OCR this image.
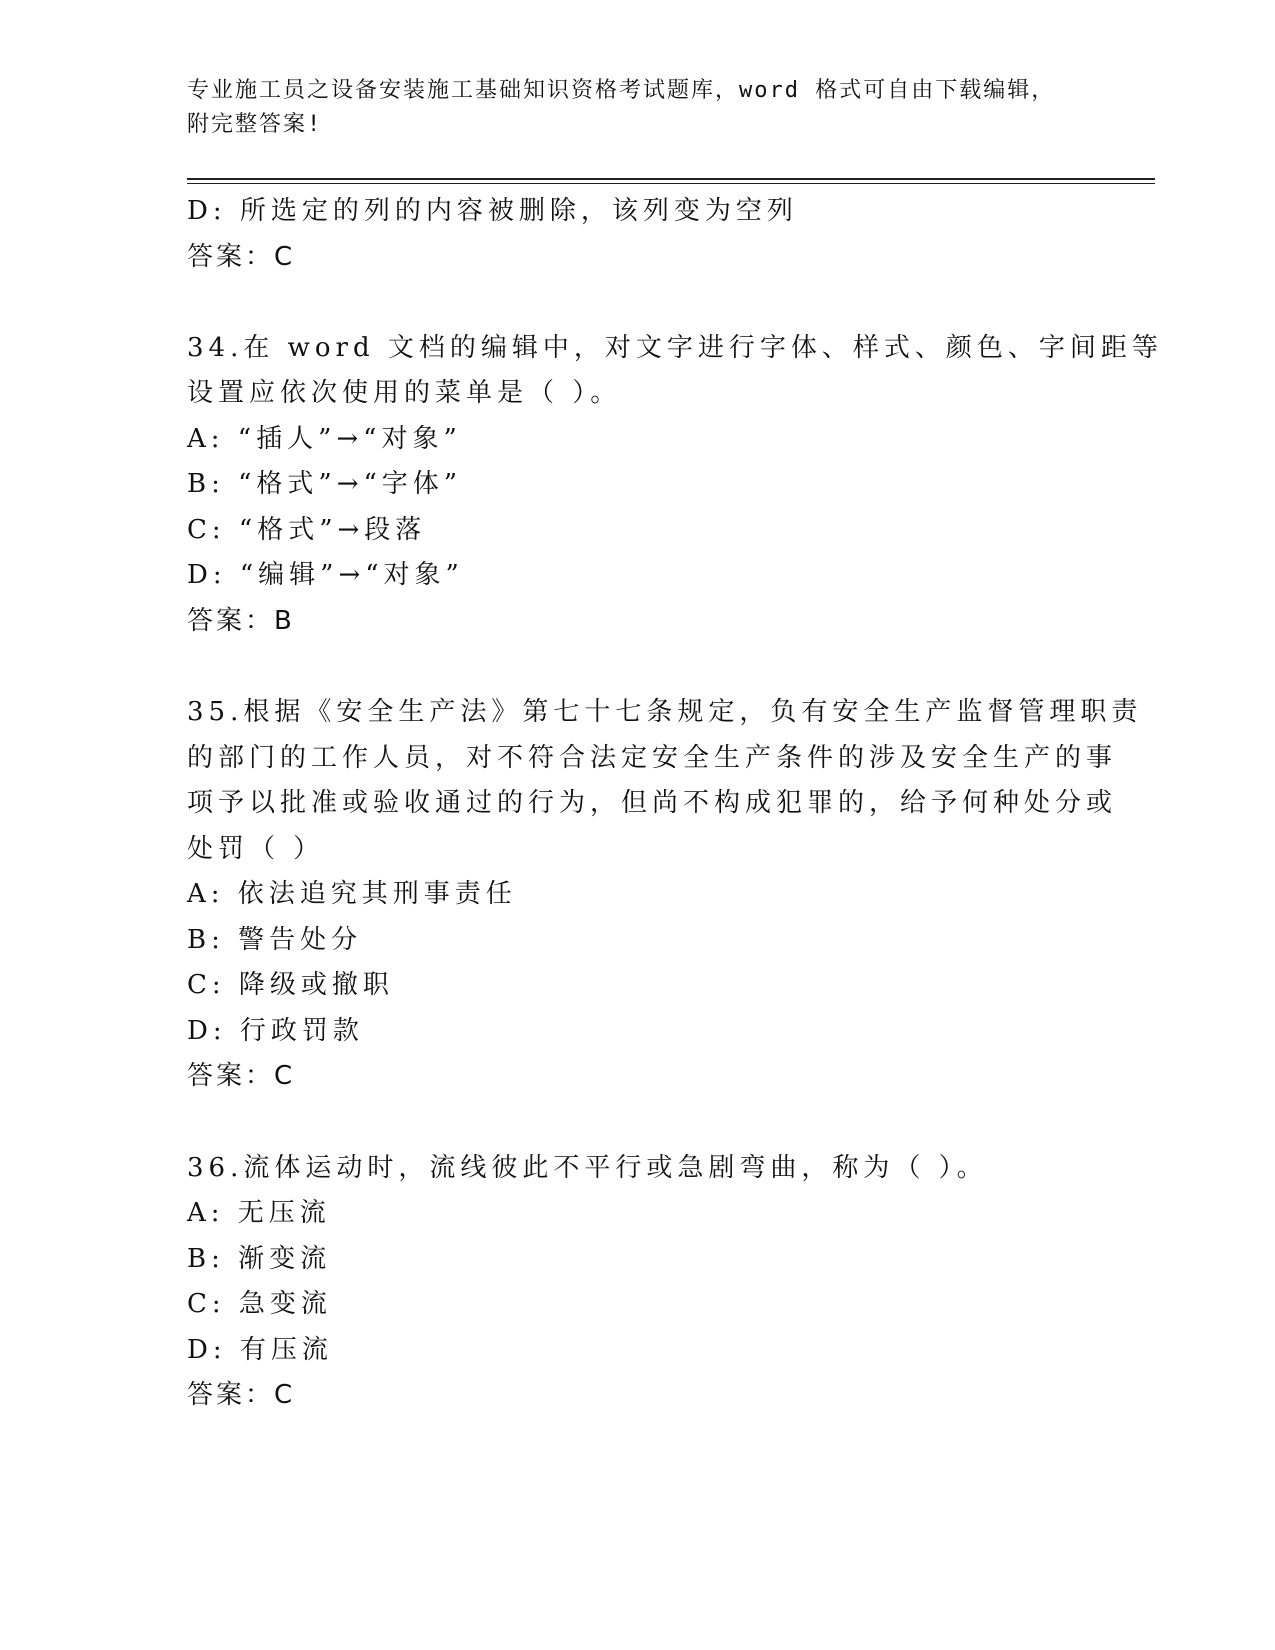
专业施工员之设备安装施工基础知识资格考试题库，word 格式可自由下载编辑，
附完整答案!
D: 所选定的列的内容被删除，该列变为空列
答案：C
34.在 word 文档的编辑中，对文字进行字体、样式、颜色、字间距等
设置应依次使用的菜单是（ ）。
A: “插人”→“对象”
B: “格式”→“字体”
C: “格式”→段落
D: “编辑”→“对象”
答案：B
35.根据《安全生产法》第七十七条规定，负有安全生产监督管理职责
的部门的工作人员，对不符合法定安全生产条件的涉及安全生产的事
项予以批准或验收通过的行为，但尚不构成犯罪的，给予何种处分或
处罚（ ）
A: 依法追究其刑事责任
B: 警告处分
C: 降级或撤职
D: 行政罚款
答案：C
36.流体运动时，流线彼此不平行或急剧弯曲，称为（ ）。
A: 无压流
B: 渐变流
C: 急变流
D: 有压流
答案：C
